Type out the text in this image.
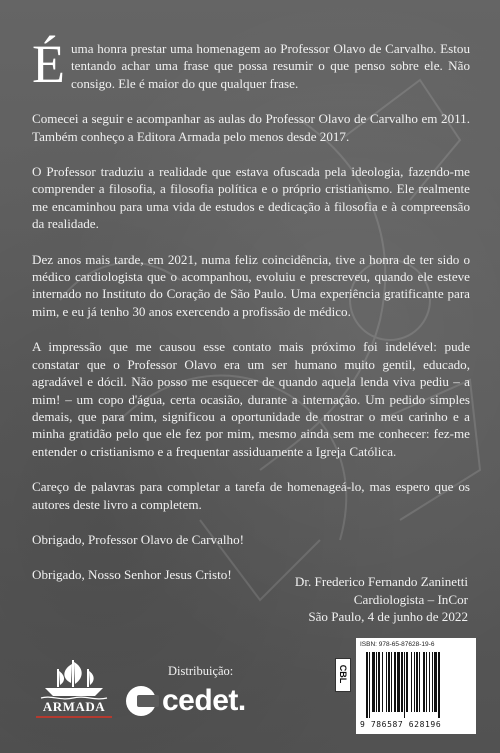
Éuma honra prestar uma homenagem ao Professor Olavo de Carvalho. Estou tentando achar uma frase que possa resumir o que penso sobre ele. Não consigo. Ele é maior do que qualquer frase.

Comecei a seguir e acompanhar as aulas do Professor Olavo de Carvalho em 2011. Também conheço a Editora Armada pelo menos desde 2017.

O Professor traduziu a realidade que estava ofuscada pela ideologia, fazendo-me comprender a filosofia, a filosofia política e o próprio cristianismo. Ele realmente me encaminhou para uma vida de estudos e dedicação à filosofia e à compreensão da realidade.

Dez anos mais tarde, em 2021, numa feliz coincidência, tive a honra de ter sido o médico cardiologista que o acompanhou, evoluiu e prescreveu, quando ele esteve internado no Instituto do Coração de São Paulo. Uma experiência gratificante para mim, e eu já tenho 30 anos exercendo a profissão de médico.

A impressão que me causou esse contato mais próximo foi indelével: pude constatar que o Professor Olavo era um ser humano muito gentil, educado, agradável e dócil. Não posso me esquecer de quando aquela lenda viva pediu – a mim! – um copo d'água, certa ocasião, durante a internação. Um pedido simples demais, que para mim, significou a oportunidade de mostrar o meu carinho e a minha gratidão pelo que ele fez por mim, mesmo ainda sem me conhecer: fez-me entender o cristianismo e a frequentar assiduamente a Igreja Católica.

Careço de palavras para completar a tarefa de homenageá-lo, mas espero que os autores deste livro a completem.

Obrigado, Professor Olavo de Carvalho!

Obrigado, Nosso Senhor Jesus Cristo!	Dr. Frederico Fernando Zaninetti
Cardiologista – InCor
São Paulo, 4 de junho de 2022
ARMADA
Distribuição:
cedet.
CBL
ISBN: 978-65-87628-19-6
9 786587 628196
